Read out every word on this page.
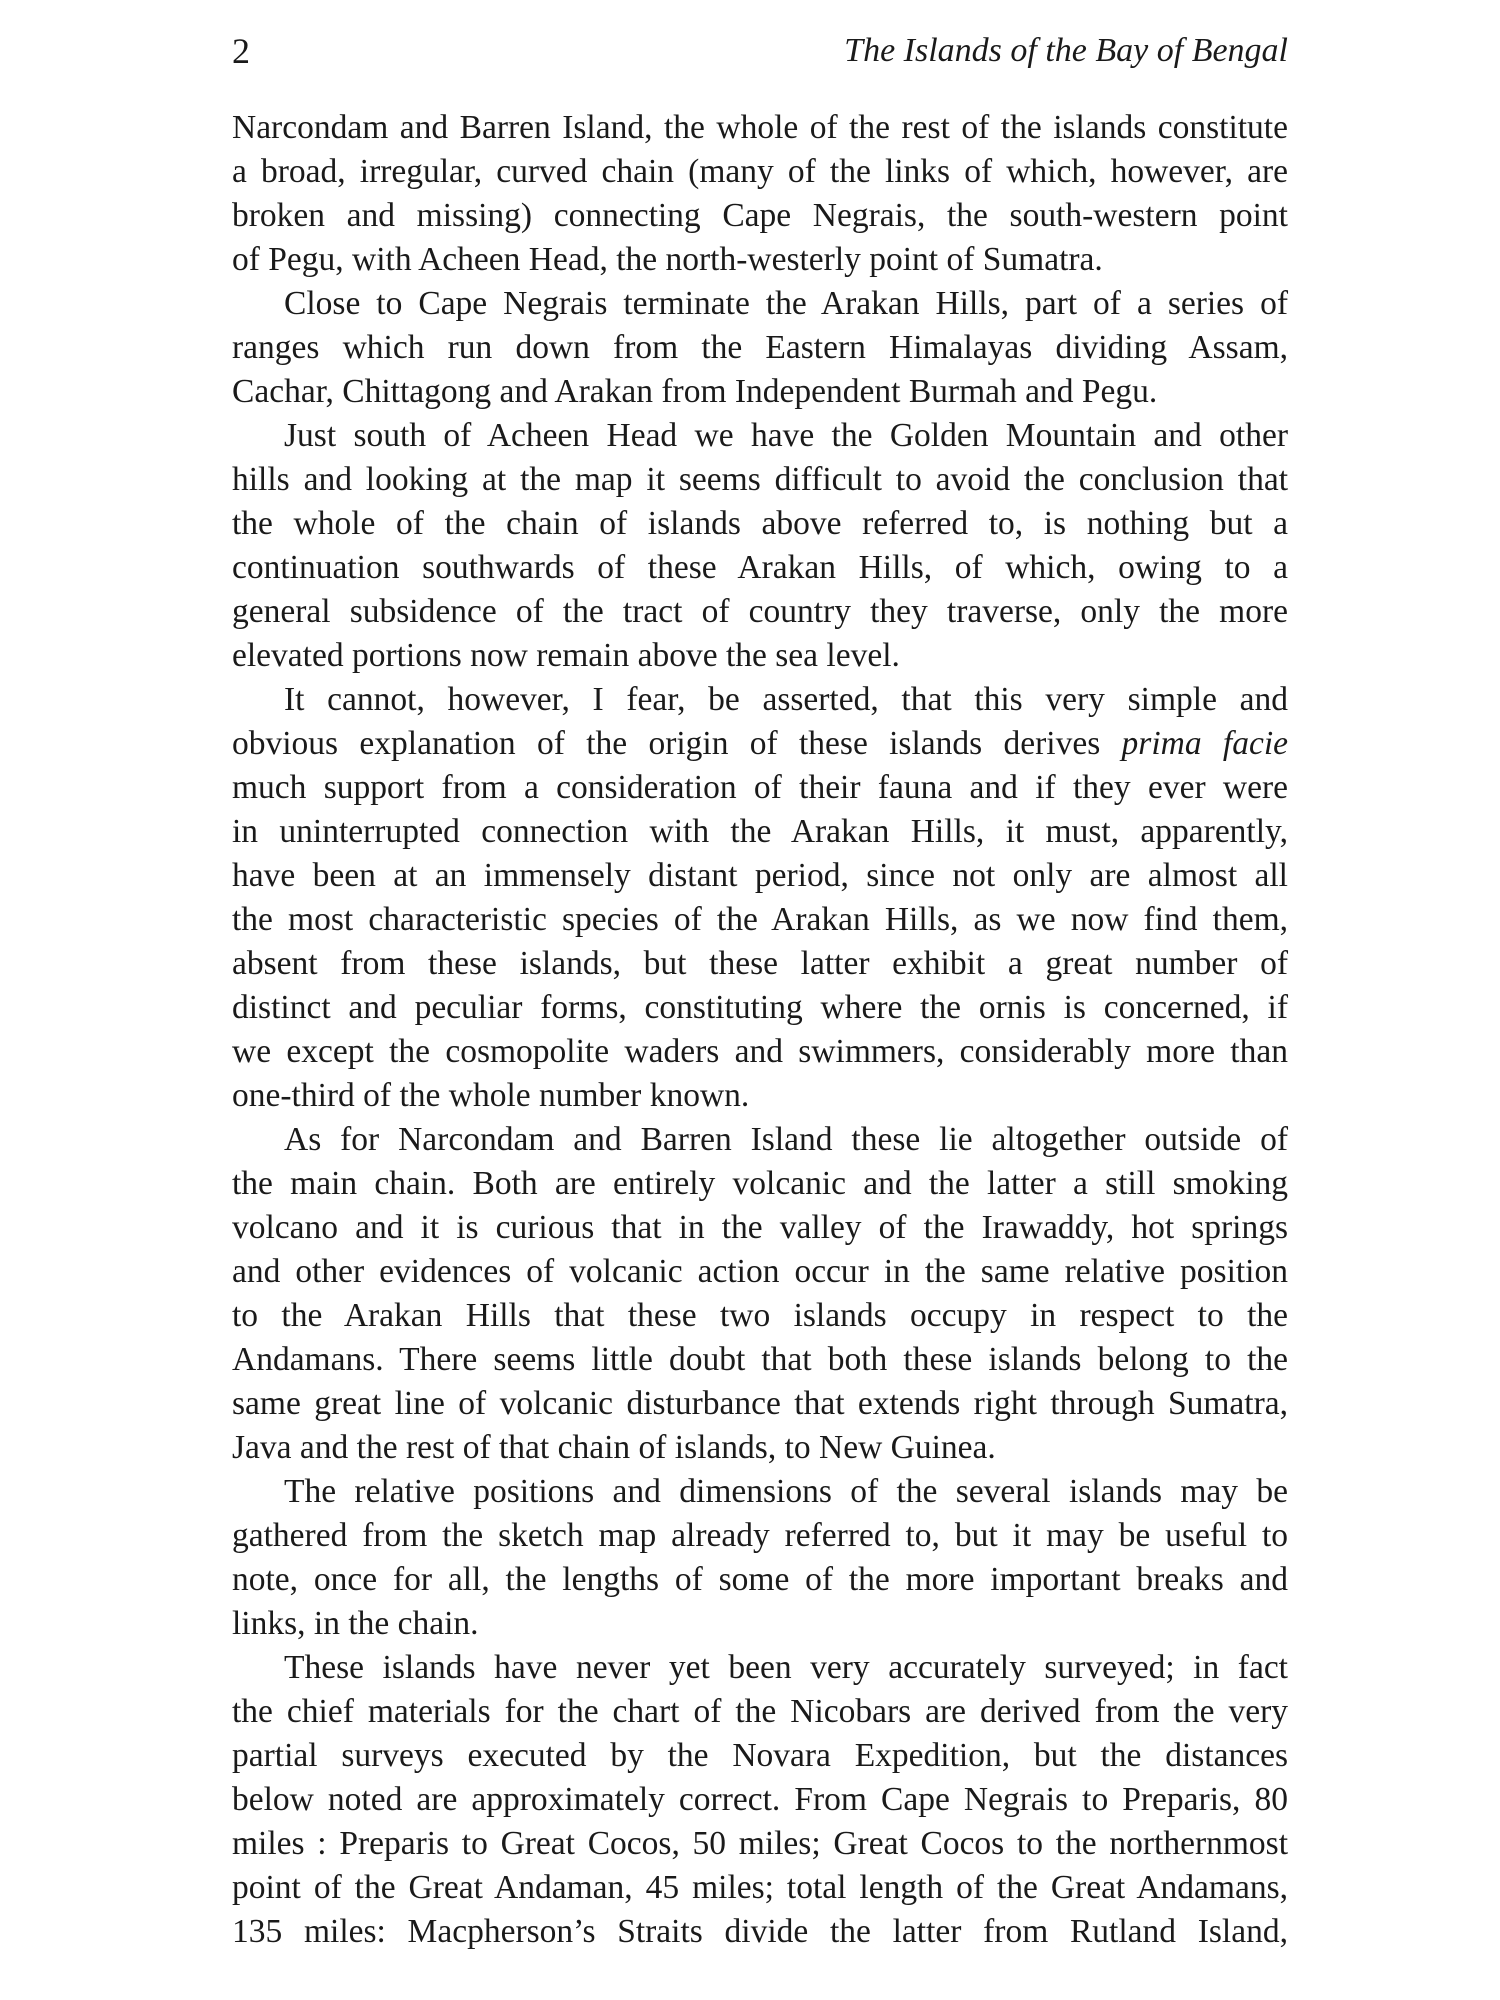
2	The Islands of the Bay of Bengal
Narcondam and Barren Island, the whole of the rest of the islands constitute
a broad, irregular, curved chain (many of the links of which, however, are
broken and missing) connecting Cape Negrais, the south-western point
of Pegu, with Acheen Head, the north-westerly point of Sumatra.
Close to Cape Negrais terminate the Arakan Hills, part of a series of
ranges which run down from the Eastern Himalayas dividing Assam,
Cachar, Chittagong and Arakan from Independent Burmah and Pegu.
Just south of Acheen Head we have the Golden Mountain and other
hills and looking at the map it seems difficult to avoid the conclusion that
the whole of the chain of islands above referred to, is nothing but a
continuation southwards of these Arakan Hills, of which, owing to a
general subsidence of the tract of country they traverse, only the more
elevated portions now remain above the sea level.
It cannot, however, I fear, be asserted, that this very simple and
obvious explanation of the origin of these islands derives prima facie
much support from a consideration of their fauna and if they ever were
in uninterrupted connection with the Arakan Hills, it must, apparently,
have been at an immensely distant period, since not only are almost all
the most characteristic species of the Arakan Hills, as we now find them,
absent from these islands, but these latter exhibit a great number of
distinct and peculiar forms, constituting where the ornis is concerned, if
we except the cosmopolite waders and swimmers, considerably more than
one-third of the whole number known.
As for Narcondam and Barren Island these lie altogether outside of
the main chain. Both are entirely volcanic and the latter a still smoking
volcano and it is curious that in the valley of the Irawaddy, hot springs
and other evidences of volcanic action occur in the same relative position
to the Arakan Hills that these two islands occupy in respect to the
Andamans. There seems little doubt that both these islands belong to the
same great line of volcanic disturbance that extends right through Sumatra,
Java and the rest of that chain of islands, to New Guinea.
The relative positions and dimensions of the several islands may be
gathered from the sketch map already referred to, but it may be useful to
note, once for all, the lengths of some of the more important breaks and
links, in the chain.
These islands have never yet been very accurately surveyed; in fact
the chief materials for the chart of the Nicobars are derived from the very
partial surveys executed by the Novara Expedition, but the distances
below noted are approximately correct. From Cape Negrais to Preparis, 80
miles : Preparis to Great Cocos, 50 miles; Great Cocos to the northernmost
point of the Great Andaman, 45 miles; total length of the Great Andamans,
135 miles: Macpherson’s Straits divide the latter from Rutland Island,
